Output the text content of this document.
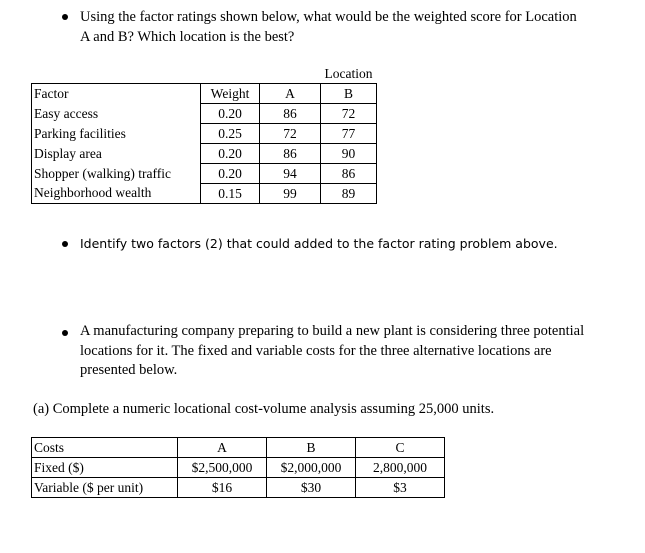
Using the factor ratings shown below, what would be the weighted score for Location
A and B? Which location is the best?
			Location
Factor	Weight	A	B
Easy access	0.20	86	72
Parking facilities	0.25	72	77
Display area	0.20	86	90
Shopper (walking) traffic	0.20	94	86
Neighborhood wealth	0.15	99	89
Identify two factors (2) that could added to the factor rating problem above.
A manufacturing company preparing to build a new plant is considering three potential
locations for it. The fixed and variable costs for the three alternative locations are
presented below.
(a) Complete a numeric locational cost-volume analysis assuming 25,000 units.
Costs	A	B	C
Fixed ($)	$2,500,000	$2,000,000	2,800,000
Variable ($ per unit)	$16	$30	$3
